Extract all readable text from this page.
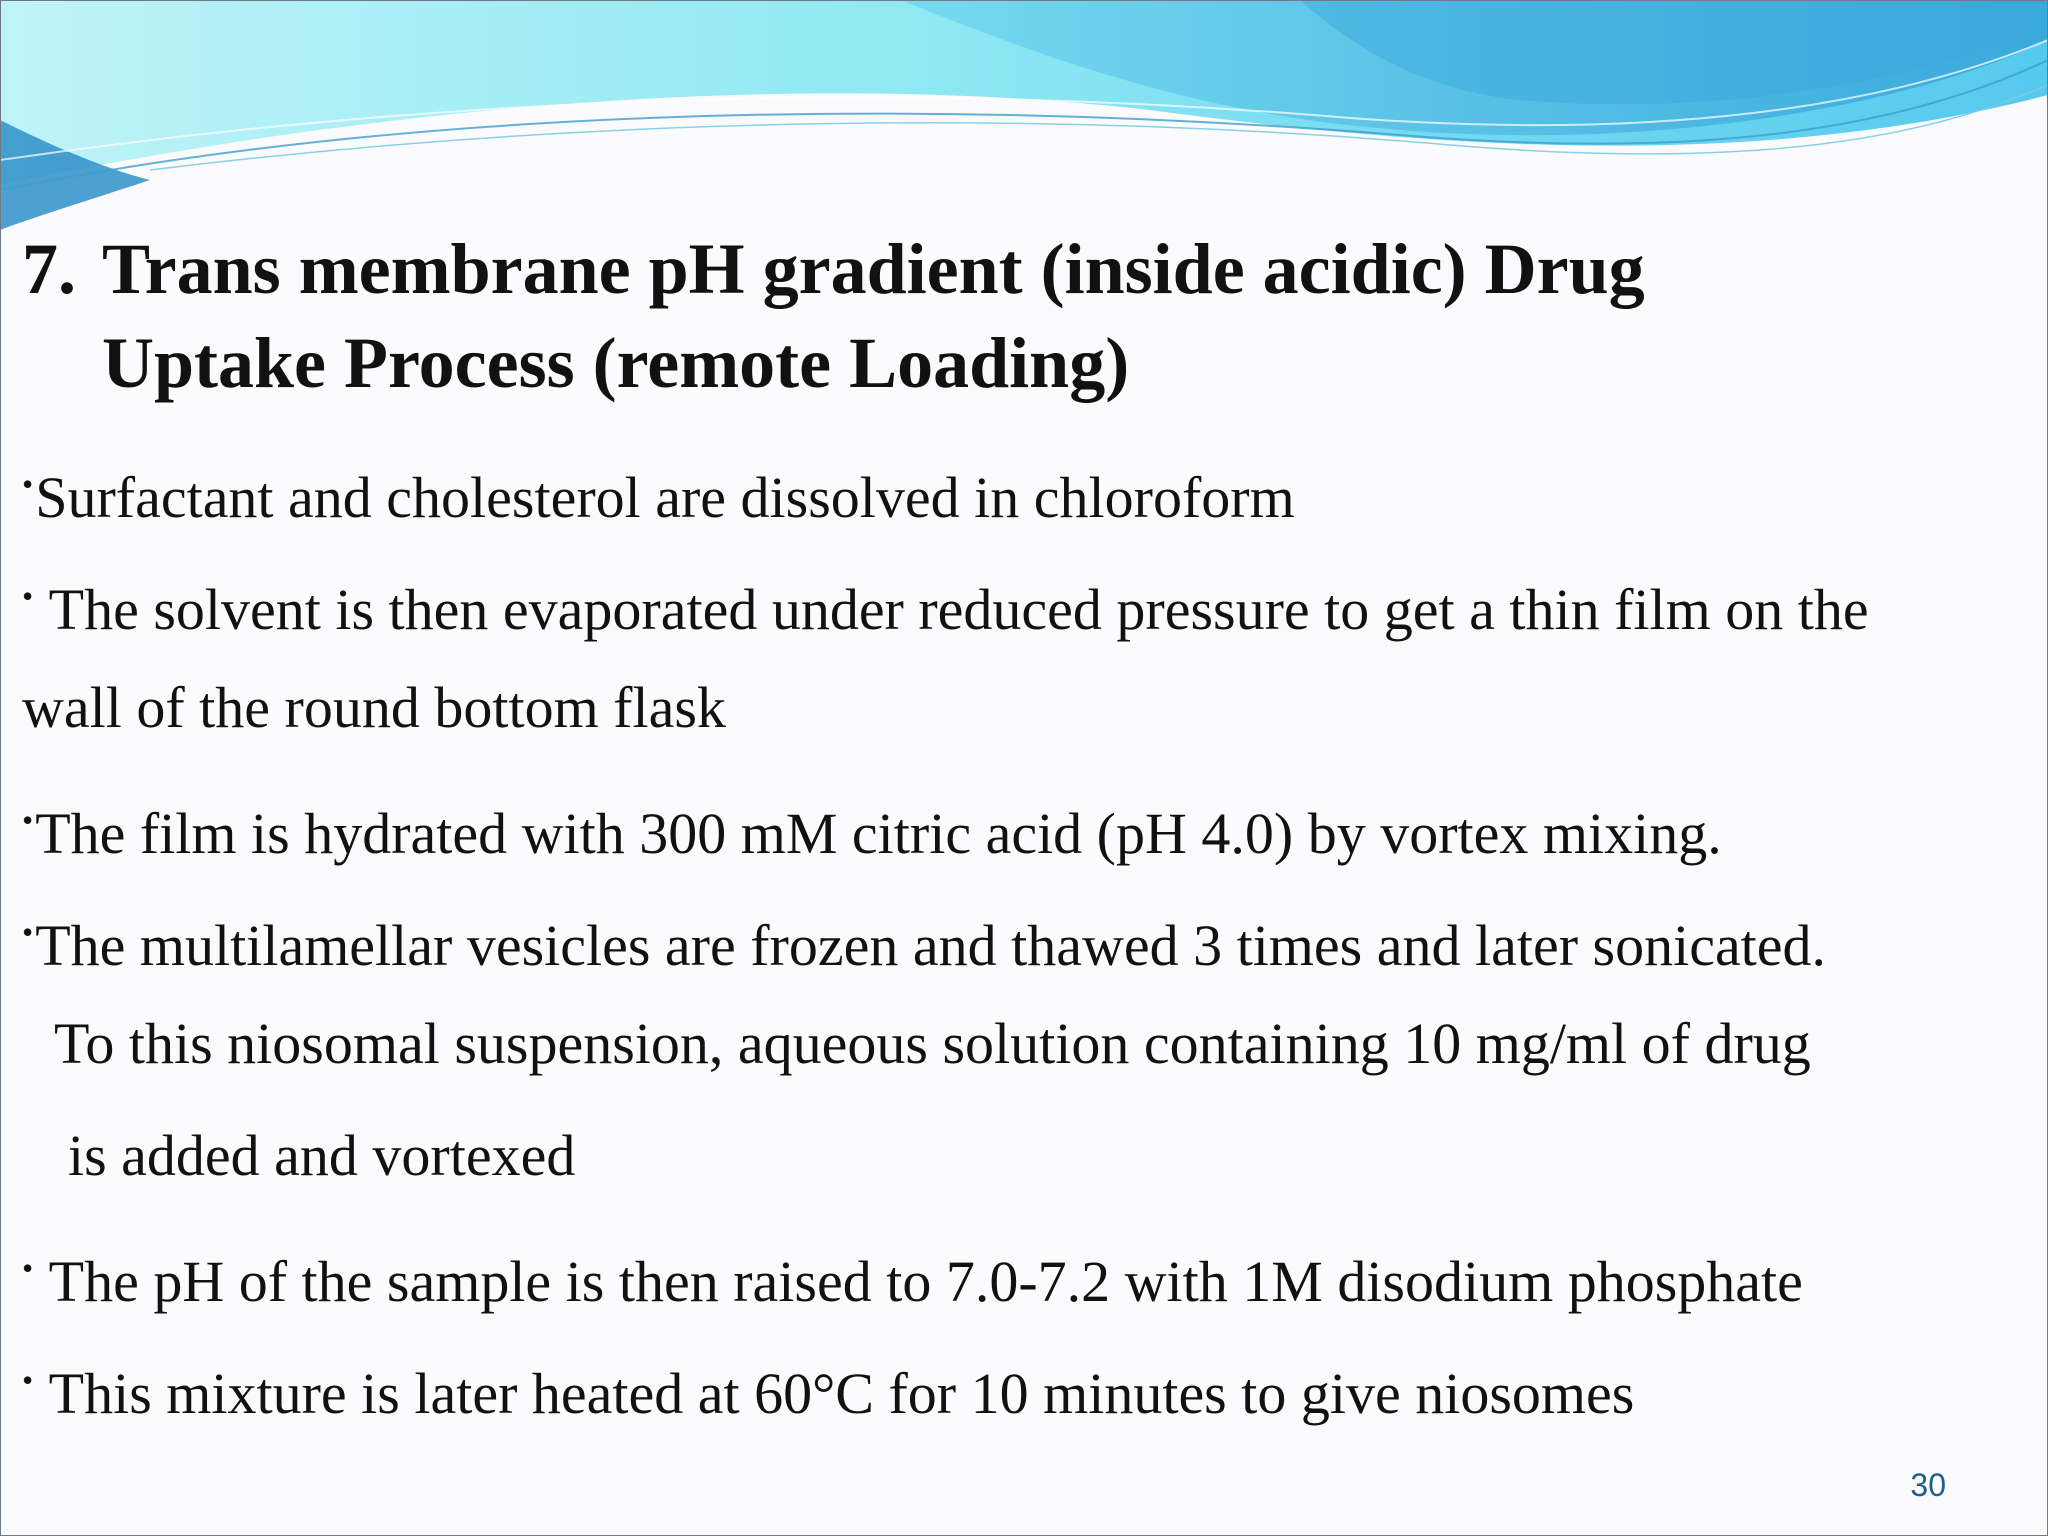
7. Trans membrane pH gradient (inside acidic) Drug
Uptake Process (remote Loading)
•Surfactant and cholesterol are dissolved in chloroform
• The solvent is then evaporated under reduced pressure to get a thin film on the
wall of the round bottom flask
•The film is hydrated with 300 mM citric acid (pH 4.0) by vortex mixing.
•The multilamellar vesicles are frozen and thawed 3 times and later sonicated.
To this niosomal suspension, aqueous solution containing 10 mg/ml of drug
is added and vortexed
• The pH of the sample is then raised to 7.0-7.2 with 1M disodium phosphate
• This mixture is later heated at 60°C for 10 minutes to give niosomes
30
